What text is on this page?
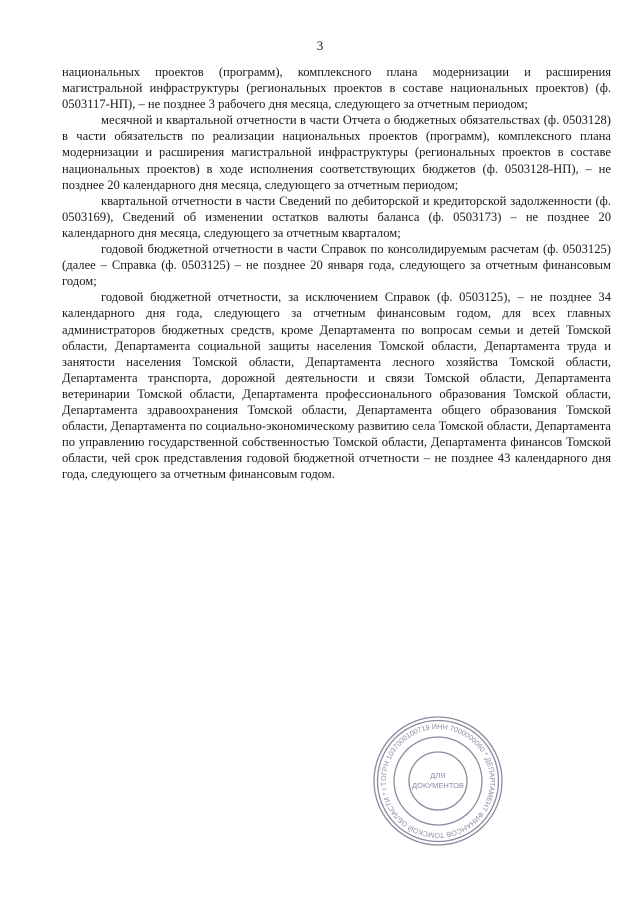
3

национальных проектов (программ), комплексного плана модернизации и расширения магистральной инфраструктуры (региональных проектов в составе национальных проектов) (ф. 0503117-НП), – не позднее 3 рабочего дня месяца, следующего за отчетным периодом;

месячной и квартальной отчетности в части Отчета о бюджетных обязательствах (ф. 0503128) в части обязательств по реализации национальных проектов (программ), комплексного плана модернизации и расширения магистральной инфраструктуры (региональных проектов в составе национальных проектов) в ходе исполнения соответствующих бюджетов (ф. 0503128-НП), – не позднее 20 календарного дня месяца, следующего за отчетным периодом;

квартальной отчетности в части Сведений по дебиторской и кредиторской задолженности (ф. 0503169), Сведений об изменении остатков валюты баланса (ф. 0503173) – не позднее 20 календарного дня месяца, следующего за отчетным кварталом;

годовой бюджетной отчетности в части Справок по консолидируемым расчетам (ф. 0503125) (далее – Справка (ф. 0503125) – не позднее 20 января года, следующего за отчетным финансовым годом;

годовой бюджетной отчетности, за исключением Справок (ф. 0503125), – не позднее 34 календарного дня года, следующего за отчетным финансовым годом, для всех главных администраторов бюджетных средств, кроме Департамента по вопросам семьи и детей Томской области, Департамента социальной защиты населения Томской области, Департамента труда и занятости населения Томской области, Департамента лесного хозяйства Томской области, Департамента транспорта, дорожной деятельности и связи Томской области, Департамента ветеринарии Томской области, Департамента профессионального образования Томской области, Департамента здравоохранения Томской области, Департамента общего образования Томской области, Департамента по социально-экономическому развитию села Томской области, Департамента по управлению государственной собственностью Томской области, Департамента финансов Томской области, чей срок представления годовой бюджетной отчетности – не позднее 43 календарного дня года, следующего за отчетным финансовым годом.

ОГРН 1037000100719 ИНН 7000000060 * ДЕПАРТАМЕНТ ФИНАНСОВ ТОМСКОЙ ОБЛАСТИ * г.Т
ДЛЯ
ДОКУМЕНТОВ
